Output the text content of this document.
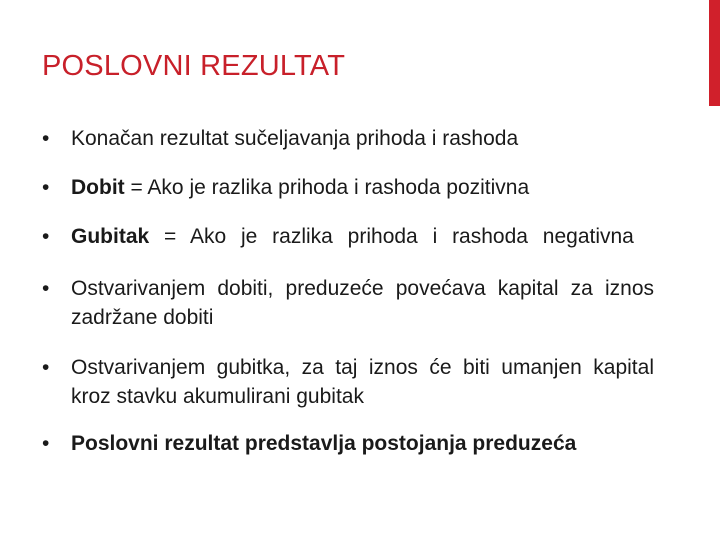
POSLOVNI REZULTAT
• Konačan rezultat sučeljavanja prihoda i rashoda
• Dobit = Ako je razlika prihoda i rashoda pozitivna
• Gubitak = Ako je razlika prihoda i rashoda negativna
• Ostvarivanjem dobiti, preduzeće povećava kapital za iznos zadržane dobiti
• Ostvarivanjem gubitka, za taj iznos će biti umanjen kapital kroz stavku akumulirani gubitak
• Poslovni rezultat predstavlja postojanja preduzeća
